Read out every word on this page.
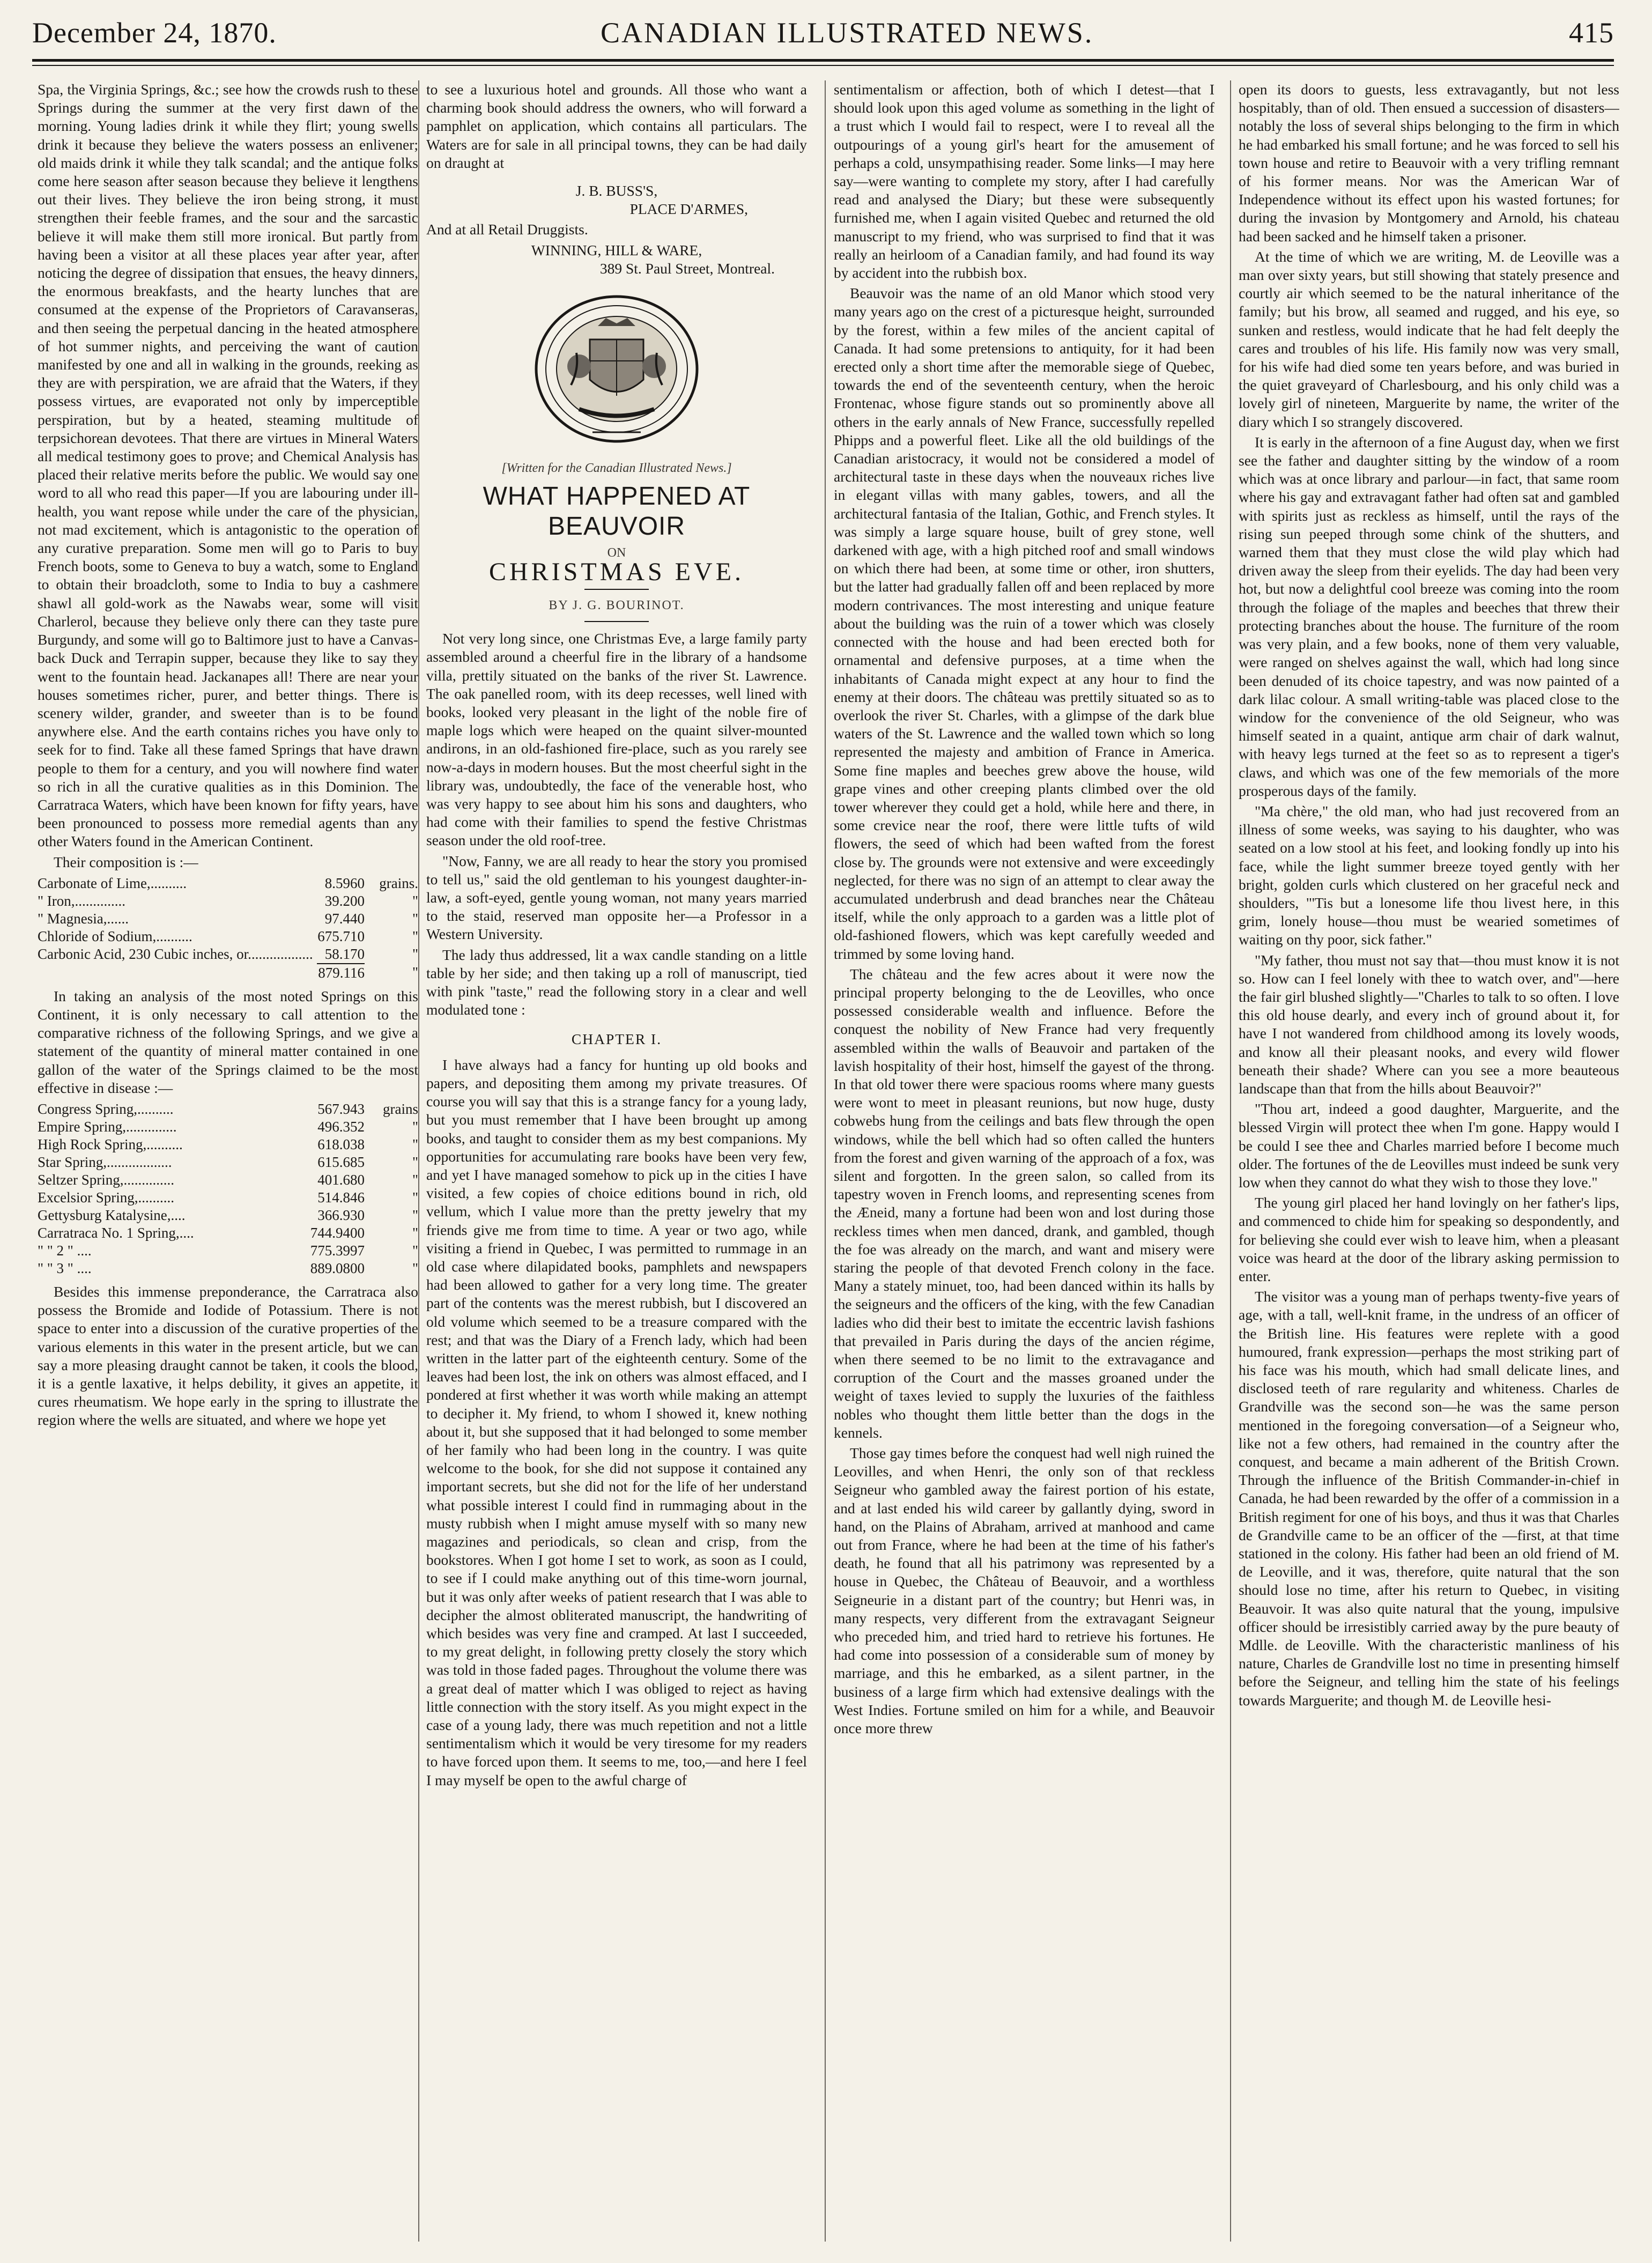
December 24, 1870.	CANADIAN ILLUSTRATED NEWS.	415

Spa, the Virginia Springs, &c.; see how the crowds rush to these Springs during the summer at the very first dawn of the morning. Young ladies drink it while they flirt; young swells drink it because they believe the waters possess an enlivener; old maids drink it while they talk scandal; and the antique folks come here season after season because they believe it lengthens out their lives. They believe the iron being strong, it must strengthen their feeble frames, and the sour and the sarcastic believe it will make them still more ironical. But partly from having been a visitor at all these places year after year, after noticing the degree of dissipation that ensues, the heavy dinners, the enormous breakfasts, and the hearty lunches that are consumed at the expense of the Proprietors of Caravanseras, and then seeing the perpetual dancing in the heated atmosphere of hot summer nights, and perceiving the want of caution manifested by one and all in walking in the grounds, reeking as they are with perspiration, we are afraid that the Waters, if they possess virtues, are evaporated not only by imperceptible perspiration, but by a heated, steaming multitude of terpsichorean devotees. That there are virtues in Mineral Waters all medical testimony goes to prove; and Chemical Analysis has placed their relative merits before the public. We would say one word to all who read this paper—If you are labouring under ill-health, you want repose while under the care of the physician, not mad excitement, which is antagonistic to the operation of any curative preparation. Some men will go to Paris to buy French boots, some to Geneva to buy a watch, some to England to obtain their broadcloth, some to India to buy a cashmere shawl all gold-work as the Nawabs wear, some will visit Charlerol, because they believe only there can they taste pure Burgundy, and some will go to Baltimore just to have a Canvas-back Duck and Terrapin supper, because they like to say they went to the fountain head. Jackanapes all! There are near your houses sometimes richer, purer, and better things. There is scenery wilder, grander, and sweeter than is to be found anywhere else. And the earth contains riches you have only to seek for to find. Take all these famed Springs that have drawn people to them for a century, and you will nowhere find water so rich in all the curative qualities as in this Dominion. The Carratraca Waters, which have been known for fifty years, have been pronounced to possess more remedial agents than any other Waters found in the American Continent.

Their composition is :—

Carbonate of Lime,..........	8.5960	grains.
" Iron,..............	39.200	"
" Magnesia,......	97.440	"
Chloride of Sodium,..........	675.710	"
Carbonic Acid, 230 Cubic inches, or..................	58.170	"
	879.116	"

In taking an analysis of the most noted Springs on this Continent, it is only necessary to call attention to the comparative richness of the following Springs, and we give a statement of the quantity of mineral matter contained in one gallon of the water of the Springs claimed to be the most effective in disease :—

Congress Spring,..........	567.943	grains
Empire Spring,..............	496.352	"
High Rock Spring,..........	618.038	"
Star Spring,..................	615.685	"
Seltzer Spring,..............	401.680	"
Excelsior Spring,..........	514.846	"
Gettysburg Katalysine,....	366.930	"
Carratraca No. 1 Spring,....	744.9400	"
" " 2 " ....	775.3997	"
" " 3 " ....	889.0800	"

Besides this immense preponderance, the Carratraca also possess the Bromide and Iodide of Potassium. There is not space to enter into a discussion of the curative properties of the various elements in this water in the present article, but we can say a more pleasing draught cannot be taken, it cools the blood, it is a gentle laxative, it helps debility, it gives an appetite, it cures rheumatism. We hope early in the spring to illustrate the region where the wells are situated, and where we hope yet

to see a luxurious hotel and grounds. All those who want a charming book should address the owners, who will forward a pamphlet on application, which contains all particulars. The Waters are for sale in all principal towns, they can be had daily on draught at

J. B. BUSS'S,

PLACE D'ARMES,

And at all Retail Druggists.

WINNING, HILL & WARE,

389 St. Paul Street, Montreal.

[Written for the Canadian Illustrated News.]

WHAT HAPPENED AT BEAUVOIR

ON

CHRISTMAS EVE.

BY J. G. BOURINOT.

Not very long since, one Christmas Eve, a large family party assembled around a cheerful fire in the library of a handsome villa, prettily situated on the banks of the river St. Lawrence. The oak panelled room, with its deep recesses, well lined with books, looked very pleasant in the light of the noble fire of maple logs which were heaped on the quaint silver-mounted andirons, in an old-fashioned fire-place, such as you rarely see now-a-days in modern houses. But the most cheerful sight in the library was, undoubtedly, the face of the venerable host, who was very happy to see about him his sons and daughters, who had come with their families to spend the festive Christmas season under the old roof-tree.

"Now, Fanny, we are all ready to hear the story you promised to tell us," said the old gentleman to his youngest daughter-in-law, a soft-eyed, gentle young woman, not many years married to the staid, reserved man opposite her—a Professor in a Western University.

The lady thus addressed, lit a wax candle standing on a little table by her side; and then taking up a roll of manuscript, tied with pink "taste," read the following story in a clear and well modulated tone :

CHAPTER I.

I have always had a fancy for hunting up old books and papers, and depositing them among my private treasures. Of course you will say that this is a strange fancy for a young lady, but you must remember that I have been brought up among books, and taught to consider them as my best companions. My opportunities for accumulating rare books have been very few, and yet I have managed somehow to pick up in the cities I have visited, a few copies of choice editions bound in rich, old vellum, which I value more than the pretty jewelry that my friends give me from time to time. A year or two ago, while visiting a friend in Quebec, I was permitted to rummage in an old case where dilapidated books, pamphlets and newspapers had been allowed to gather for a very long time. The greater part of the contents was the merest rubbish, but I discovered an old volume which seemed to be a treasure compared with the rest; and that was the Diary of a French lady, which had been written in the latter part of the eighteenth century. Some of the leaves had been lost, the ink on others was almost effaced, and I pondered at first whether it was worth while making an attempt to decipher it. My friend, to whom I showed it, knew nothing about it, but she supposed that it had belonged to some member of her family who had been long in the country. I was quite welcome to the book, for she did not suppose it contained any important secrets, but she did not for the life of her understand what possible interest I could find in rummaging about in the musty rubbish when I might amuse myself with so many new magazines and periodicals, so clean and crisp, from the bookstores. When I got home I set to work, as soon as I could, to see if I could make anything out of this time-worn journal, but it was only after weeks of patient research that I was able to decipher the almost obliterated manuscript, the handwriting of which besides was very fine and cramped. At last I succeeded, to my great delight, in following pretty closely the story which was told in those faded pages. Throughout the volume there was a great deal of matter which I was obliged to reject as having little connection with the story itself. As you might expect in the case of a young lady, there was much repetition and not a little sentimentalism which it would be very tiresome for my readers to have forced upon them. It seems to me, too,—and here I feel I may myself be open to the awful charge of

sentimentalism or affection, both of which I detest—that I should look upon this aged volume as something in the light of a trust which I would fail to respect, were I to reveal all the outpourings of a young girl's heart for the amusement of perhaps a cold, unsympathising reader. Some links—I may here say—were wanting to complete my story, after I had carefully read and analysed the Diary; but these were subsequently furnished me, when I again visited Quebec and returned the old manuscript to my friend, who was surprised to find that it was really an heirloom of a Canadian family, and had found its way by accident into the rubbish box.

Beauvoir was the name of an old Manor which stood very many years ago on the crest of a picturesque height, surrounded by the forest, within a few miles of the ancient capital of Canada. It had some pretensions to antiquity, for it had been erected only a short time after the memorable siege of Quebec, towards the end of the seventeenth century, when the heroic Frontenac, whose figure stands out so prominently above all others in the early annals of New France, successfully repelled Phipps and a powerful fleet. Like all the old buildings of the Canadian aristocracy, it would not be considered a model of architectural taste in these days when the nouveaux riches live in elegant villas with many gables, towers, and all the architectural fantasia of the Italian, Gothic, and French styles. It was simply a large square house, built of grey stone, well darkened with age, with a high pitched roof and small windows on which there had been, at some time or other, iron shutters, but the latter had gradually fallen off and been replaced by more modern contrivances. The most interesting and unique feature about the building was the ruin of a tower which was closely connected with the house and had been erected both for ornamental and defensive purposes, at a time when the inhabitants of Canada might expect at any hour to find the enemy at their doors. The château was prettily situated so as to overlook the river St. Charles, with a glimpse of the dark blue waters of the St. Lawrence and the walled town which so long represented the majesty and ambition of France in America. Some fine maples and beeches grew above the house, wild grape vines and other creeping plants climbed over the old tower wherever they could get a hold, while here and there, in some crevice near the roof, there were little tufts of wild flowers, the seed of which had been wafted from the forest close by. The grounds were not extensive and were exceedingly neglected, for there was no sign of an attempt to clear away the accumulated underbrush and dead branches near the Château itself, while the only approach to a garden was a little plot of old-fashioned flowers, which was kept carefully weeded and trimmed by some loving hand.

The château and the few acres about it were now the principal property belonging to the de Leovilles, who once possessed considerable wealth and influence. Before the conquest the nobility of New France had very frequently assembled within the walls of Beauvoir and partaken of the lavish hospitality of their host, himself the gayest of the throng. In that old tower there were spacious rooms where many guests were wont to meet in pleasant reunions, but now huge, dusty cobwebs hung from the ceilings and bats flew through the open windows, while the bell which had so often called the hunters from the forest and given warning of the approach of a fox, was silent and forgotten. In the green salon, so called from its tapestry woven in French looms, and representing scenes from the Æneid, many a fortune had been won and lost during those reckless times when men danced, drank, and gambled, though the foe was already on the march, and want and misery were staring the people of that devoted French colony in the face. Many a stately minuet, too, had been danced within its halls by the seigneurs and the officers of the king, with the few Canadian ladies who did their best to imitate the eccentric lavish fashions that prevailed in Paris during the days of the ancien régime, when there seemed to be no limit to the extravagance and corruption of the Court and the masses groaned under the weight of taxes levied to supply the luxuries of the faithless nobles who thought them little better than the dogs in the kennels.

Those gay times before the conquest had well nigh ruined the Leovilles, and when Henri, the only son of that reckless Seigneur who gambled away the fairest portion of his estate, and at last ended his wild career by gallantly dying, sword in hand, on the Plains of Abraham, arrived at manhood and came out from France, where he had been at the time of his father's death, he found that all his patrimony was represented by a house in Quebec, the Château of Beauvoir, and a worthless Seigneurie in a distant part of the country; but Henri was, in many respects, very different from the extravagant Seigneur who preceded him, and tried hard to retrieve his fortunes. He had come into possession of a considerable sum of money by marriage, and this he embarked, as a silent partner, in the business of a large firm which had extensive dealings with the West Indies. Fortune smiled on him for a while, and Beauvoir once more threw

open its doors to guests, less extravagantly, but not less hospitably, than of old. Then ensued a succession of disasters—notably the loss of several ships belonging to the firm in which he had embarked his small fortune; and he was forced to sell his town house and retire to Beauvoir with a very trifling remnant of his former means. Nor was the American War of Independence without its effect upon his wasted fortunes; for during the invasion by Montgomery and Arnold, his chateau had been sacked and he himself taken a prisoner.

At the time of which we are writing, M. de Leoville was a man over sixty years, but still showing that stately presence and courtly air which seemed to be the natural inheritance of the family; but his brow, all seamed and rugged, and his eye, so sunken and restless, would indicate that he had felt deeply the cares and troubles of his life. His family now was very small, for his wife had died some ten years before, and was buried in the quiet graveyard of Charlesbourg, and his only child was a lovely girl of nineteen, Marguerite by name, the writer of the diary which I so strangely discovered.

It is early in the afternoon of a fine August day, when we first see the father and daughter sitting by the window of a room which was at once library and parlour—in fact, that same room where his gay and extravagant father had often sat and gambled with spirits just as reckless as himself, until the rays of the rising sun peeped through some chink of the shutters, and warned them that they must close the wild play which had driven away the sleep from their eyelids. The day had been very hot, but now a delightful cool breeze was coming into the room through the foliage of the maples and beeches that threw their protecting branches about the house. The furniture of the room was very plain, and a few books, none of them very valuable, were ranged on shelves against the wall, which had long since been denuded of its choice tapestry, and was now painted of a dark lilac colour. A small writing-table was placed close to the window for the convenience of the old Seigneur, who was himself seated in a quaint, antique arm chair of dark walnut, with heavy legs turned at the feet so as to represent a tiger's claws, and which was one of the few memorials of the more prosperous days of the family.

"Ma chère," the old man, who had just recovered from an illness of some weeks, was saying to his daughter, who was seated on a low stool at his feet, and looking fondly up into his face, while the light summer breeze toyed gently with her bright, golden curls which clustered on her graceful neck and shoulders, "'Tis but a lonesome life thou livest here, in this grim, lonely house—thou must be wearied sometimes of waiting on thy poor, sick father."

"My father, thou must not say that—thou must know it is not so. How can I feel lonely with thee to watch over, and"—here the fair girl blushed slightly—"Charles to talk to so often. I love this old house dearly, and every inch of ground about it, for have I not wandered from childhood among its lovely woods, and know all their pleasant nooks, and every wild flower beneath their shade? Where can you see a more beauteous landscape than that from the hills about Beauvoir?"

"Thou art, indeed a good daughter, Marguerite, and the blessed Virgin will protect thee when I'm gone. Happy would I be could I see thee and Charles married before I become much older. The fortunes of the de Leovilles must indeed be sunk very low when they cannot do what they wish to those they love."

The young girl placed her hand lovingly on her father's lips, and commenced to chide him for speaking so despondently, and for believing she could ever wish to leave him, when a pleasant voice was heard at the door of the library asking permission to enter.

The visitor was a young man of perhaps twenty-five years of age, with a tall, well-knit frame, in the undress of an officer of the British line. His features were replete with a good humoured, frank expression—perhaps the most striking part of his face was his mouth, which had small delicate lines, and disclosed teeth of rare regularity and whiteness. Charles de Grandville was the second son—he was the same person mentioned in the foregoing conversation—of a Seigneur who, like not a few others, had remained in the country after the conquest, and became a main adherent of the British Crown. Through the influence of the British Commander-in-chief in Canada, he had been rewarded by the offer of a commission in a British regiment for one of his boys, and thus it was that Charles de Grandville came to be an officer of the —first, at that time stationed in the colony. His father had been an old friend of M. de Leoville, and it was, therefore, quite natural that the son should lose no time, after his return to Quebec, in visiting Beauvoir. It was also quite natural that the young, impulsive officer should be irresistibly carried away by the pure beauty of Mdlle. de Leoville. With the characteristic manliness of his nature, Charles de Grandville lost no time in presenting himself before the Seigneur, and telling him the state of his feelings towards Marguerite; and though M. de Leoville hesi-
